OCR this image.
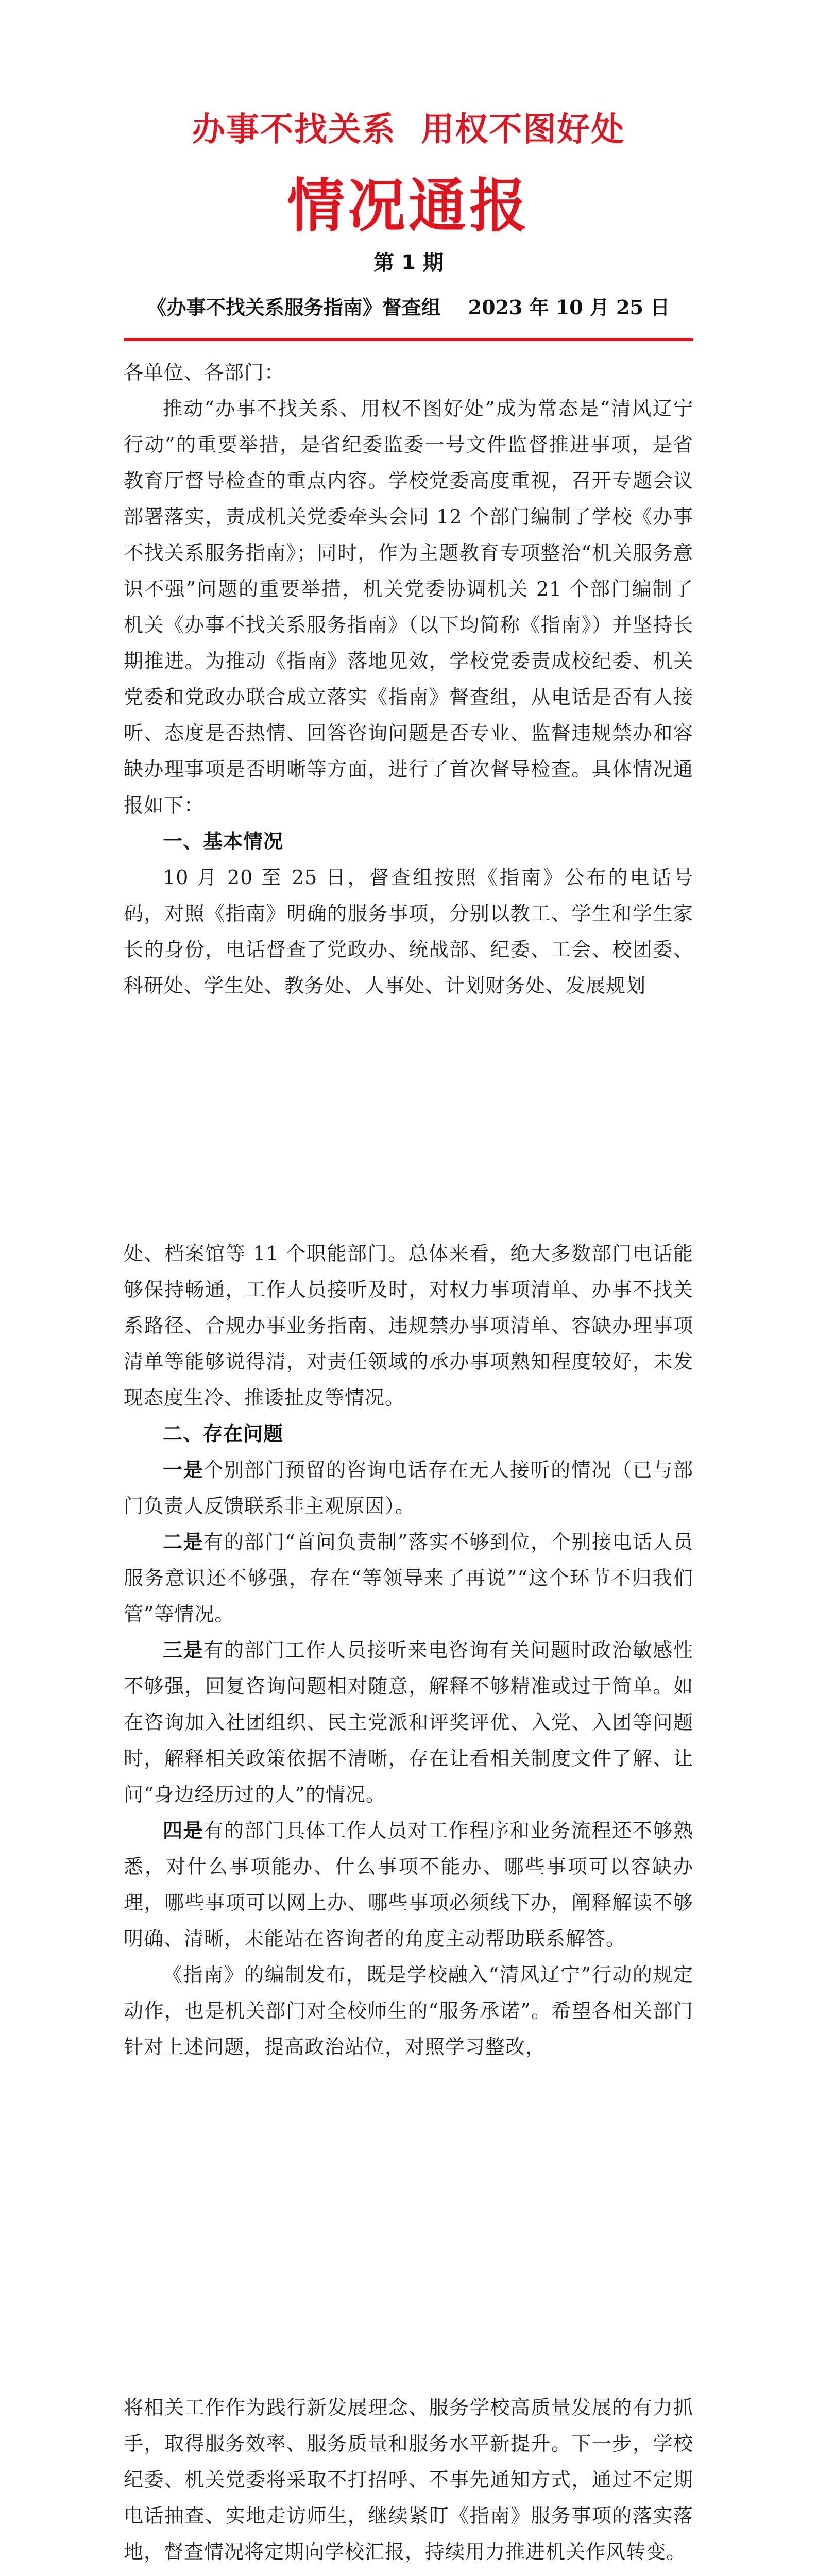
办事不找关系  用权不图好处
情况通报
第 1 期
《办事不找关系服务指南》督查组    2023 年 10 月 25 日

各单位、各部门：

推动“办事不找关系、用权不图好处”成为常态是“清风辽宁行动”的重要举措，是省纪委监委一号文件监督推进事项，是省教育厅督导检查的重点内容。学校党委高度重视，召开专题会议部署落实，责成机关党委牵头会同 12 个部门编制了学校《办事不找关系服务指南》；同时，作为主题教育专项整治“机关服务意识不强”问题的重要举措，机关党委协调机关 21 个部门编制了机关《办事不找关系服务指南》（以下均简称《指南》）并坚持长期推进。为推动《指南》落地见效，学校党委责成校纪委、机关党委和党政办联合成立落实《指南》督查组，从电话是否有人接听、态度是否热情、回答咨询问题是否专业、监督违规禁办和容缺办理事项是否明晰等方面，进行了首次督导检查。具体情况通报如下：

一、基本情况

10 月 20 至 25 日，督查组按照《指南》公布的电话号码，对照《指南》明确的服务事项，分别以教工、学生和学生家长的身份，电话督查了党政办、统战部、纪委、工会、校团委、科研处、学生处、教务处、人事处、计划财务处、发展规划

处、档案馆等 11 个职能部门。总体来看，绝大多数部门电话能够保持畅通，工作人员接听及时，对权力事项清单、办事不找关系路径、合规办事业务指南、违规禁办事项清单、容缺办理事项清单等能够说得清，对责任领域的承办事项熟知程度较好，未发现态度生冷、推诿扯皮等情况。

二、存在问题

一是个别部门预留的咨询电话存在无人接听的情况（已与部门负责人反馈联系非主观原因）。

二是有的部门“首问负责制”落实不够到位，个别接电话人员服务意识还不够强，存在“等领导来了再说”“这个环节不归我们管”等情况。

三是有的部门工作人员接听来电咨询有关问题时政治敏感性不够强，回复咨询问题相对随意，解释不够精准或过于简单。如在咨询加入社团组织、民主党派和评奖评优、入党、入团等问题时，解释相关政策依据不清晰，存在让看相关制度文件了解、让问“身边经历过的人”的情况。

四是有的部门具体工作人员对工作程序和业务流程还不够熟悉，对什么事项能办、什么事项不能办、哪些事项可以容缺办理，哪些事项可以网上办、哪些事项必须线下办，阐释解读不够明确、清晰，未能站在咨询者的角度主动帮助联系解答。

《指南》的编制发布，既是学校融入“清风辽宁”行动的规定动作，也是机关部门对全校师生的“服务承诺”。希望各相关部门针对上述问题，提高政治站位，对照学习整改，

将相关工作作为践行新发展理念、服务学校高质量发展的有力抓手，取得服务效率、服务质量和服务水平新提升。下一步，学校纪委、机关党委将采取不打招呼、不事先通知方式，通过不定期电话抽查、实地走访师生，继续紧盯《指南》服务事项的落实落地，督查情况将定期向学校汇报，持续用力推进机关作风转变。
